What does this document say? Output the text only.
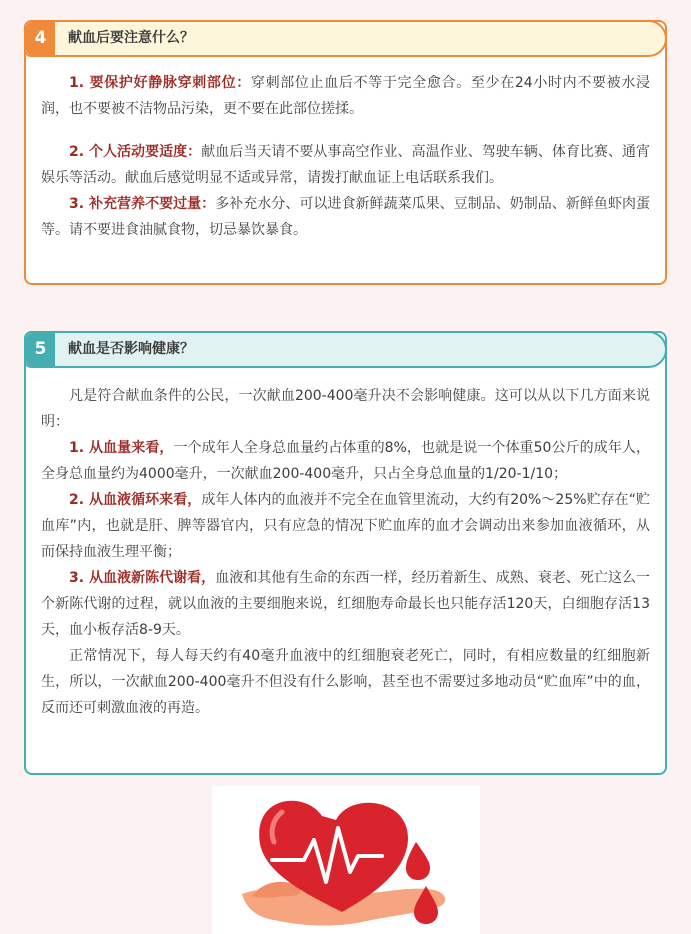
4	献血后要注意什么？

1. 要保护好静脉穿刺部位：穿刺部位止血后不等于完全愈合。至少在24小时内不要被水浸润，也不要被不洁物品污染，更不要在此部位搓揉。

2. 个人活动要适度：献血后当天请不要从事高空作业、高温作业、驾驶车辆、体育比赛、通宵娱乐等活动。献血后感觉明显不适或异常，请拨打献血证上电话联系我们。

3. 补充营养不要过量：多补充水分、可以进食新鲜蔬菜瓜果、豆制品、奶制品、新鲜鱼虾肉蛋等。请不要进食油腻食物，切忌暴饮暴食。

5	献血是否影响健康？

凡是符合献血条件的公民，一次献血200-400毫升决不会影响健康。这可以从以下几方面来说明：

1. 从血量来看，一个成年人全身总血量约占体重的8%，也就是说一个体重50公斤的成年人，全身总血量约为4000毫升，一次献血200-400毫升，只占全身总血量的1/20-1/10；

2. 从血液循环来看，成年人体内的血液并不完全在血管里流动，大约有20%～25%贮存在“贮血库”内，也就是肝、脾等器官内，只有应急的情况下贮血库的血才会调动出来参加血液循环，从而保持血液生理平衡；

3. 从血液新陈代谢看，血液和其他有生命的东西一样，经历着新生、成熟、衰老、死亡这么一个新陈代谢的过程，就以血液的主要细胞来说，红细胞寿命最长也只能存活120天，白细胞存活13天，血小板存活8-9天。

正常情况下，每人每天约有40毫升血液中的红细胞衰老死亡，同时，有相应数量的红细胞新生，所以，一次献血200-400毫升不但没有什么影响，甚至也不需要过多地动员“贮血库”中的血，反而还可刺激血液的再造。
